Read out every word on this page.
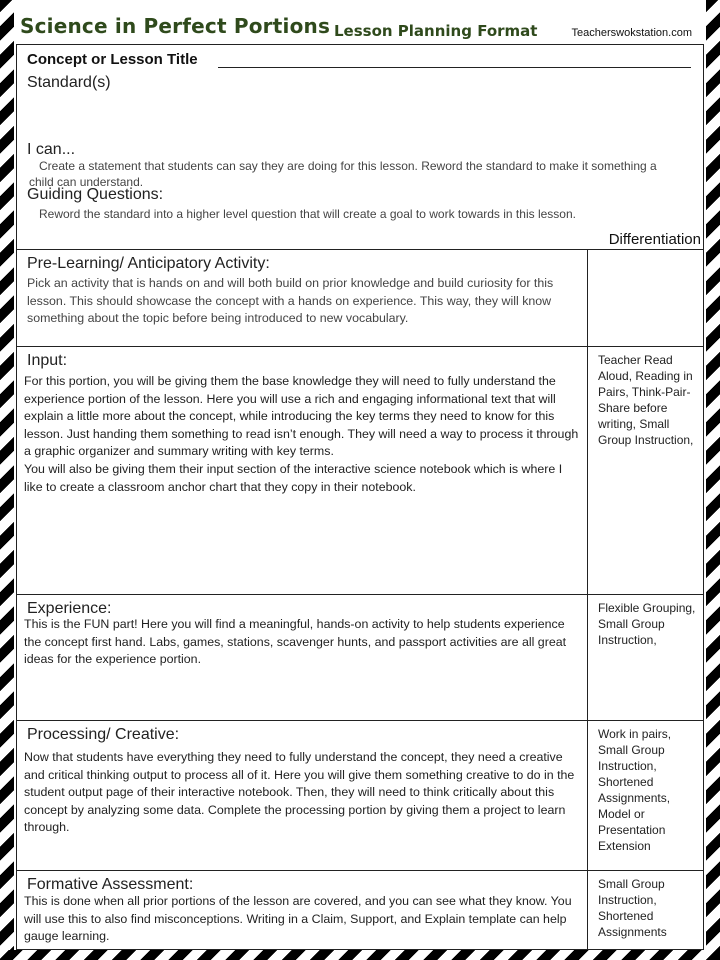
Science in Perfect Portions Lesson Planning Format	Teacherswokstation.com
Concept or Lesson Title
Standard(s)
I can...
Create a statement that students can say they are doing for this lesson. Reword the standard to make it something a child can understand.
Guiding Questions:
Reword the standard into a higher level question that will create a goal to work towards in this lesson.
Differentiation
Pre-Learning/ Anticipatory Activity:

Pick an activity that is hands on and will both build on prior knowledge and build curiosity for this lesson. This should showcase the concept with a hands on experience. This way, they will know something about the topic before being introduced to new vocabulary.

Input:

For this portion, you will be giving them the base knowledge they will need to fully understand the experience portion of the lesson. Here you will use a rich and engaging informational text that will explain a little more about the concept, while introducing the key terms they need to know for this lesson. Just handing them something to read isn’t enough. They will need a way to process it through a graphic organizer and summary writing with key terms.

You will also be giving them their input section of the interactive science notebook which is where I like to create a classroom anchor chart that they copy in their notebook.

Teacher Read Aloud, Reading in Pairs, Think-Pair- Share before writing, Small Group Instruction,
Experience:

This is the FUN part! Here you will find a meaningful, hands-on activity to help students experience the concept first hand. Labs, games, stations, scavenger hunts, and passport activities are all great ideas for the experience portion.

Flexible Grouping, Small Group Instruction,
Processing/ Creative:

Now that students have everything they need to fully understand the concept, they need a creative and critical thinking output to process all of it. Here you will give them something creative to do in the student output page of their interactive notebook. Then, they will need to think critically about this concept by analyzing some data. Complete the processing portion by giving them a project to learn through.

Work in pairs, Small Group Instruction, Shortened Assignments, Model or Presentation Extension
Formative Assessment:

This is done when all prior portions of the lesson are covered, and you can see what they know. You will use this to also find misconceptions. Writing in a Claim, Support, and Explain template can help gauge learning.

Small Group Instruction, Shortened Assignments
